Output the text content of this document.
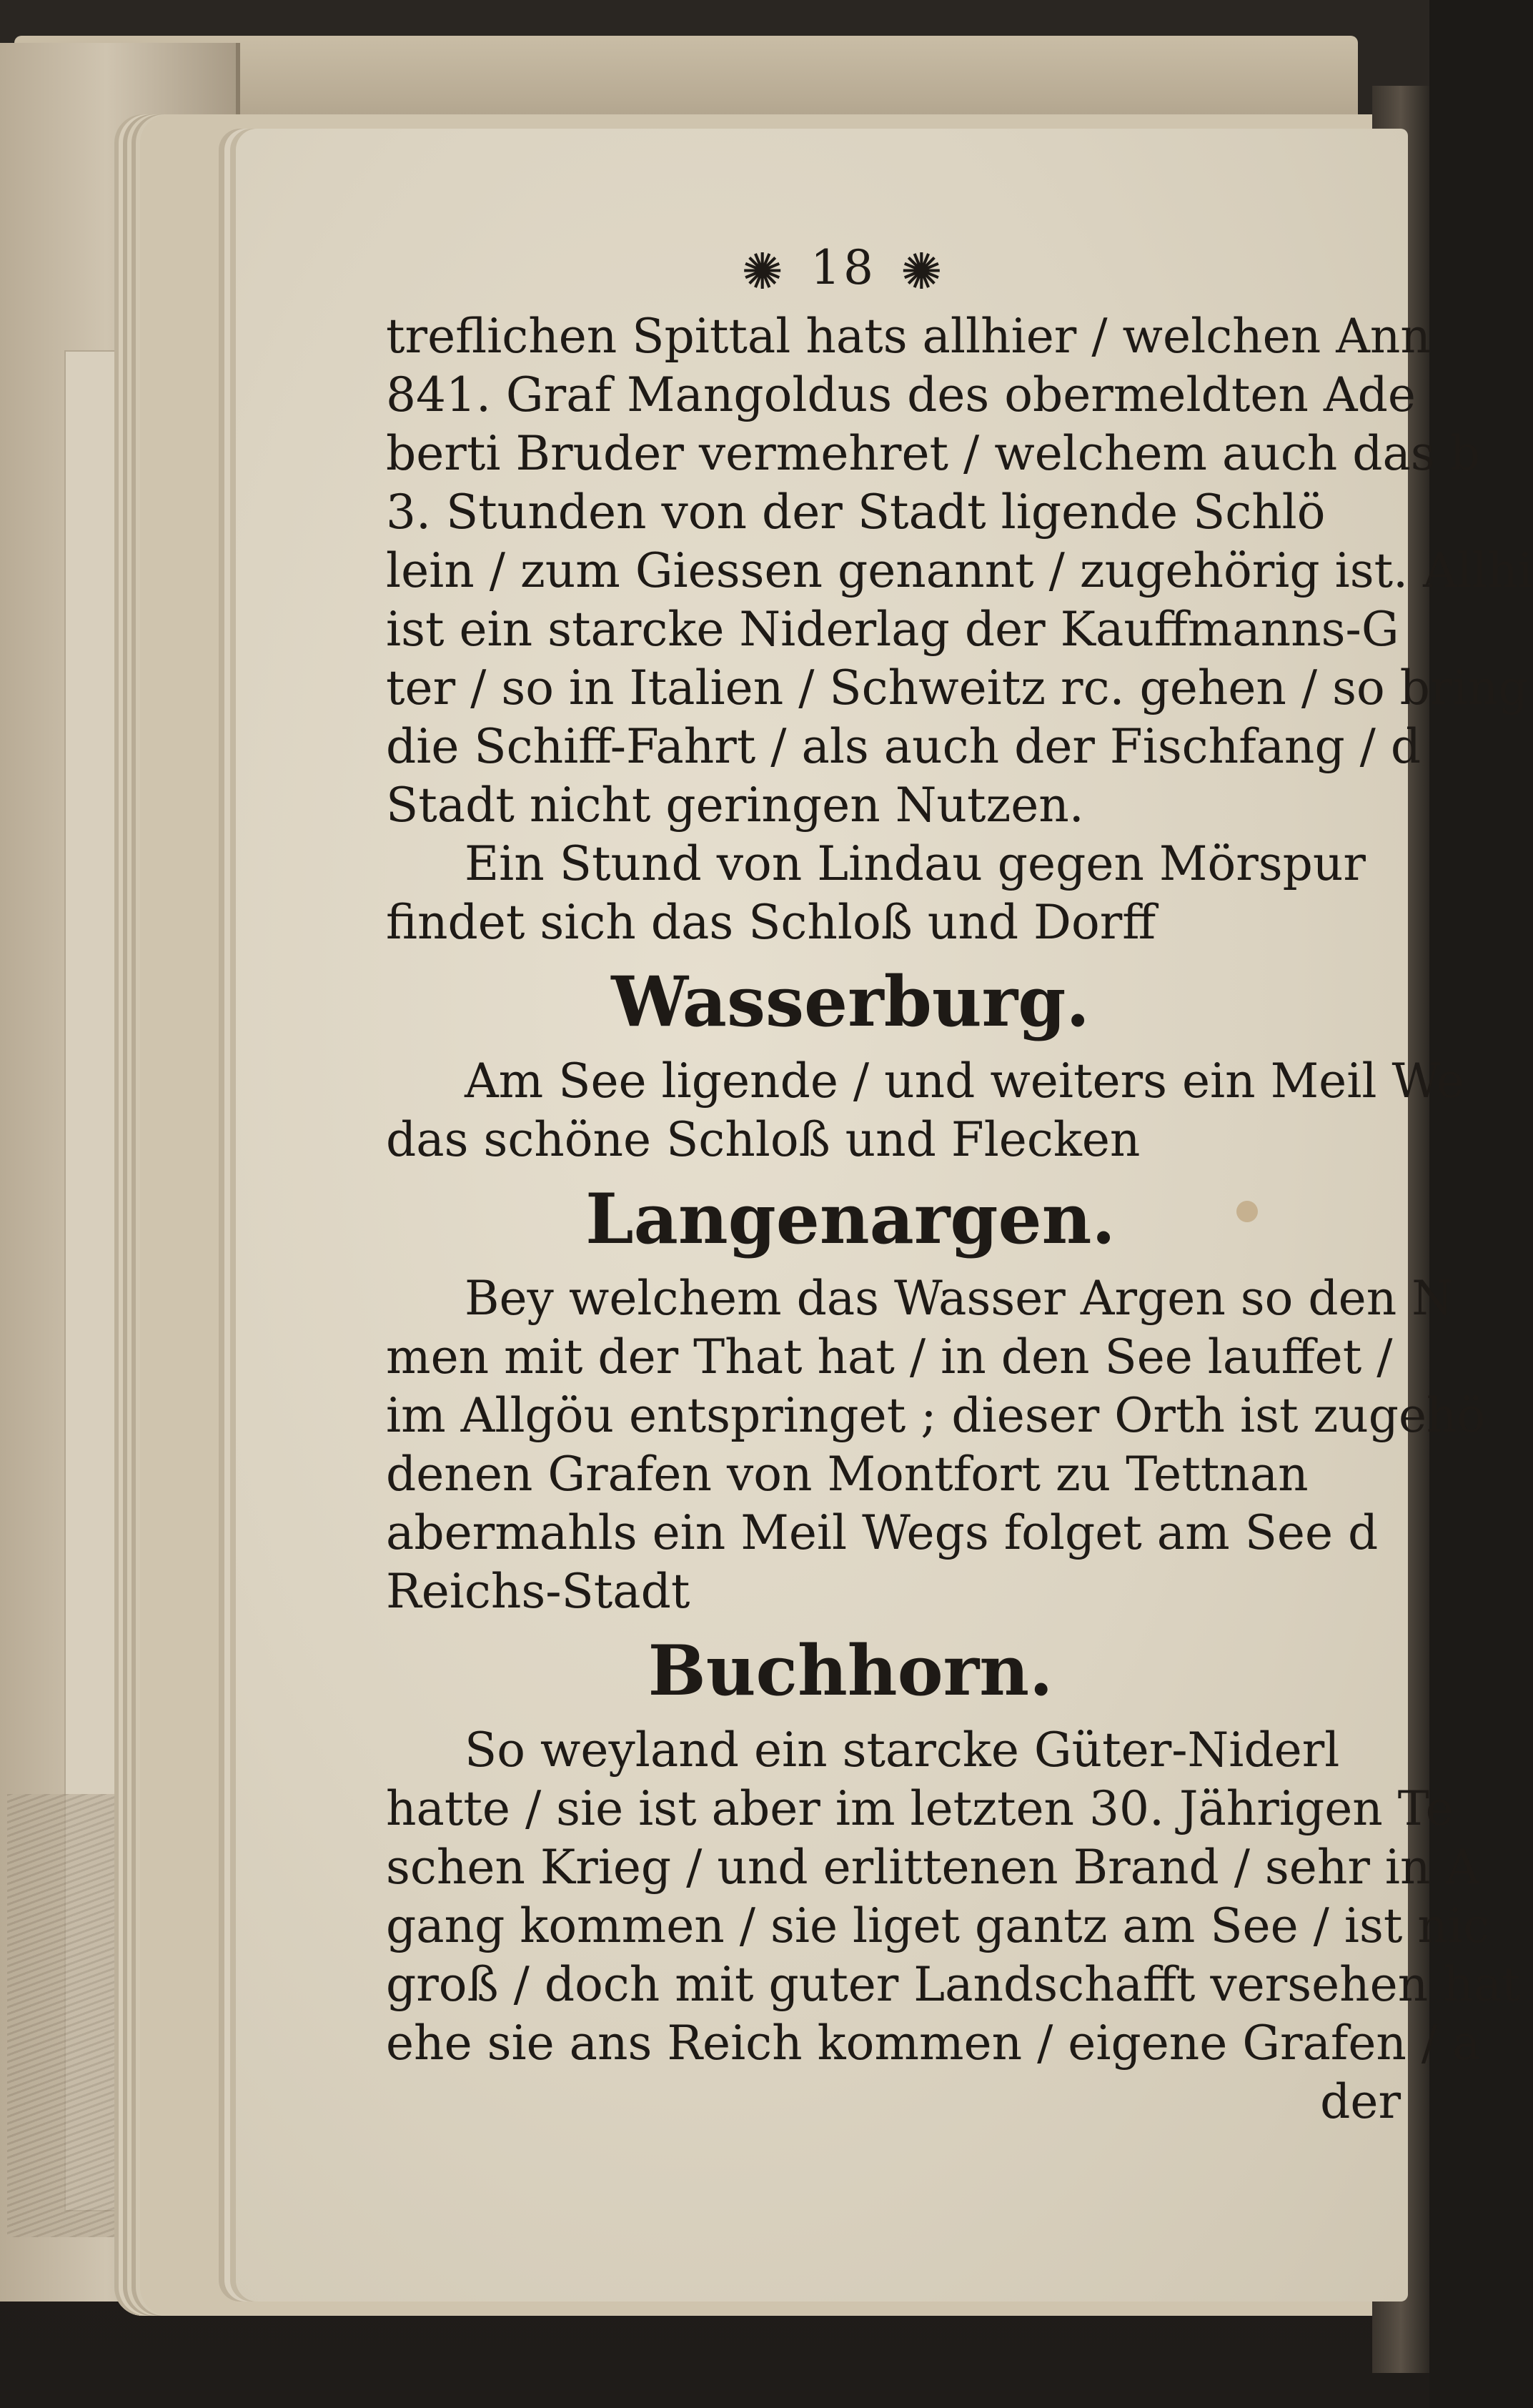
✺ 18 ✺
treflichen Spittal hats allhier / welchen Ann
841. Graf Mangoldus des obermeldten Ade
berti Bruder vermehret / welchem auch das b
3. Stunden von der Stadt ligende Schlö
lein / zum Giessen genannt / zugehörig ist. Allhi
ist ein starcke Niderlag der Kauffmanns-G
ter / so in Italien / Schweitz rc. gehen / so bring
die Schiff-Fahrt / als auch der Fischfang / d
Stadt nicht geringen Nutzen.
Ein Stund von Lindau gegen Mörspur
findet sich das Schloß und Dorff
Wasserburg.
Am See ligende / und weiters ein Meil We
das schöne Schloß und Flecken
Langenargen.
Bey welchem das Wasser Argen so den N
men mit der That hat / in den See lauffet /
im Allgöu entspringet ; dieser Orth ist zugehö
denen Grafen von Montfort zu Tettnan
abermahls ein Meil Wegs folget am See d
Reichs-Stadt
Buchhorn.
So weyland ein starcke Güter-Niderl
hatte / sie ist aber im letzten 30. Jährigen Te
schen Krieg / und erlittenen Brand / sehr in A
gang kommen / sie liget gantz am See / ist nic
groß / doch mit guter Landschafft versehen hat
ehe sie ans Reich kommen / eigene Grafen / a
der
